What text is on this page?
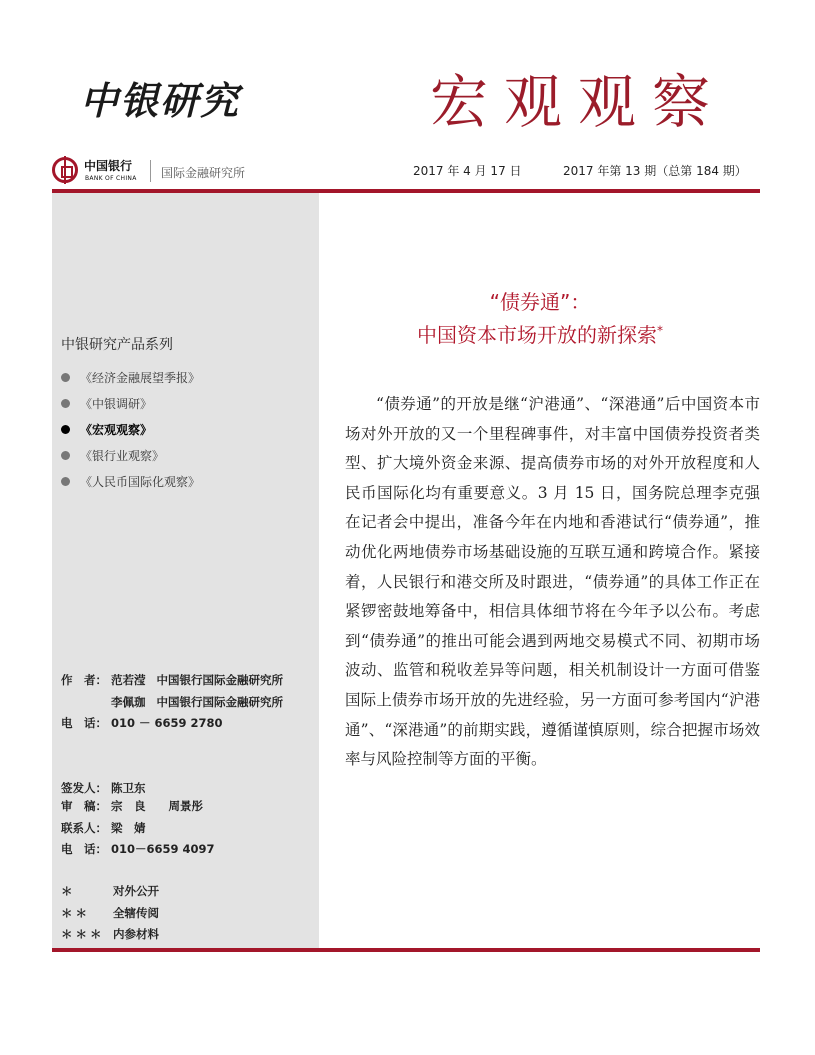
中银研究	宏观观察
中国银行
BANK OF CHINA 国际金融研究所	2017 年 4 月 17 日	2017 年第 13 期（总第 184 期）
中银研究产品系列
《经济金融展望季报》
《中银调研》
《宏观观察》
《银行业观察》
《人民币国际化观察》
作　者： 范若滢 中国银行国际金融研究所
李佩珈 中国银行国际金融研究所
电　话： 010 － 6659 2780
签发人： 陈卫东
审　稿： 宗　良　　周景彤
联系人： 梁　婧
电　话： 010－6659 4097
＊	对外公开
＊＊ 全辖传阅
＊＊＊ 内参材料
“债券通”：
中国资本市场开放的新探索*

“债券通”的开放是继“沪港通”、“深港通”后中国资本市场对外开放的又一个里程碑事件，对丰富中国债券投资者类型、扩大境外资金来源、提高债券市场的对外开放程度和人民币国际化均有重要意义。3 月 15 日，国务院总理李克强在记者会中提出，准备今年在内地和香港试行“债券通”，推动优化两地债券市场基础设施的互联互通和跨境合作。紧接着，人民银行和港交所及时跟进，“债券通”的具体工作正在紧锣密鼓地筹备中，相信具体细节将在今年予以公布。考虑到“债券通”的推出可能会遇到两地交易模式不同、初期市场波动、监管和税收差异等问题，相关机制设计一方面可借鉴国际上债券市场开放的先进经验，另一方面可参考国内“沪港通”、“深港通”的前期实践，遵循谨慎原则，综合把握市场效率与风险控制等方面的平衡。
